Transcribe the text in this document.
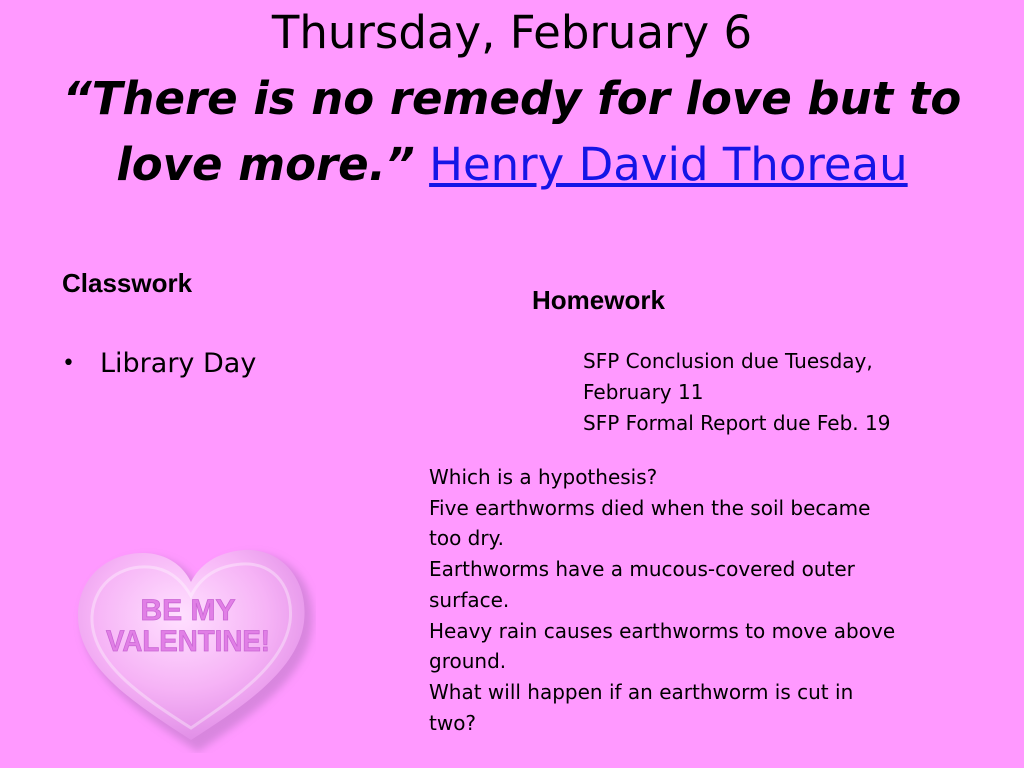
Thursday, February 6
“There is no remedy for love but to
love more.” Henry David Thoreau
Classwork
• Library Day
Homework
SFP Conclusion due Tuesday,
February 11
SFP Formal Report due Feb. 19
Which is a hypothesis?
Five earthworms died when the soil became
too dry.
Earthworms have a mucous-covered outer
surface.
Heavy rain causes earthworms to move above
ground.
What will happen if an earthworm is cut in
two?
BE MY
VALENTINE!
